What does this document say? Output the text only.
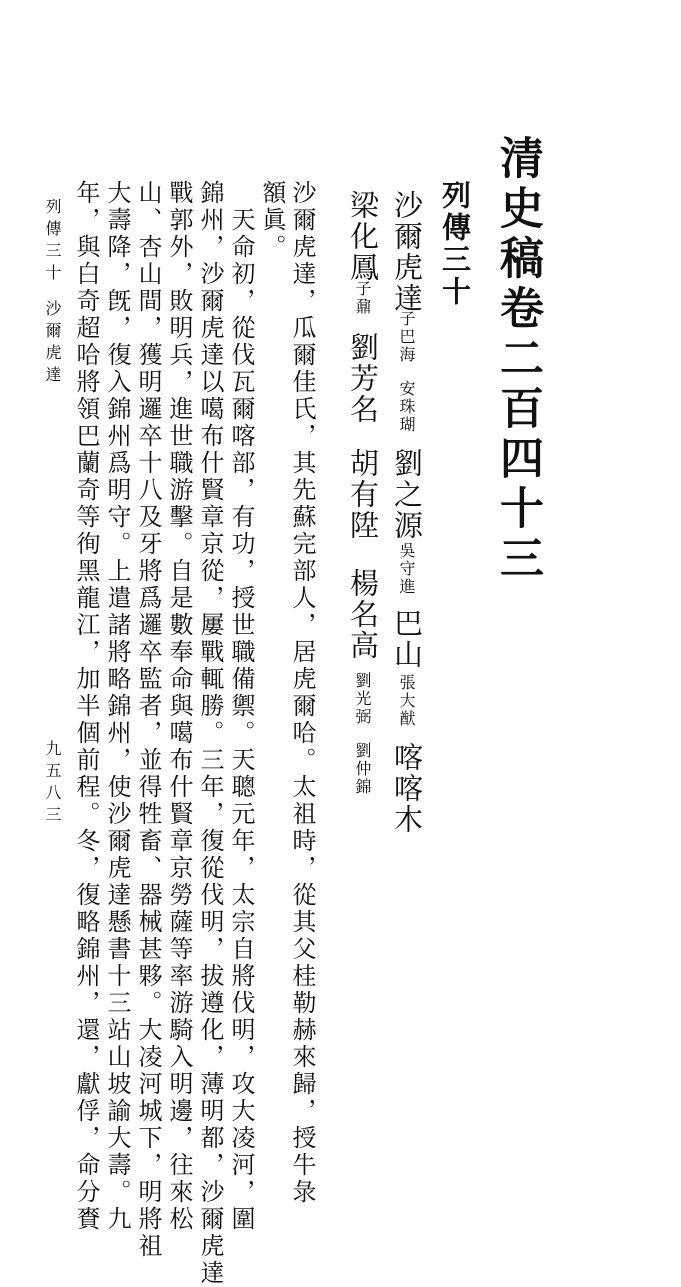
清史稿卷二百四十三
列傳三十
沙爾虎達
子巴海
安珠瑚
劉之源
吳守進
巴山
張大猷
喀喀木
梁化鳳
子鼐
劉芳名
胡有陞
楊名高
劉光弼
劉仲錦
沙爾虎達，瓜爾佳氏，其先蘇完部人，居虎爾哈。太祖時，從其父桂勒赫來歸，授牛彔
額眞。
天命初，從伐瓦爾喀部，有功，授世職備禦。天聰元年，太宗自將伐明，攻大凌河，圍
錦州，沙爾虎達以噶布什賢章京從，屢戰輒勝。三年，復從伐明，拔遵化，薄明都，沙爾虎達
戰郭外，敗明兵，進世職游擊。自是數奉命與噶布什賢章京勞薩等率游騎入明邊，往來松
山、杏山間，獲明邏卒十八及牙將爲邏卒監者，並得牲畜、器械甚夥。大凌河城下，明將祖
大壽降，旣，復入錦州爲明守。上遣諸將略錦州，使沙爾虎達懸書十三站山坡諭大壽。九
年，與白奇超哈將領巴蘭奇等徇黑龍江，加半個前程。冬，復略錦州，還，獻俘，命分賚
列傳三十
沙爾虎達
九五八三
